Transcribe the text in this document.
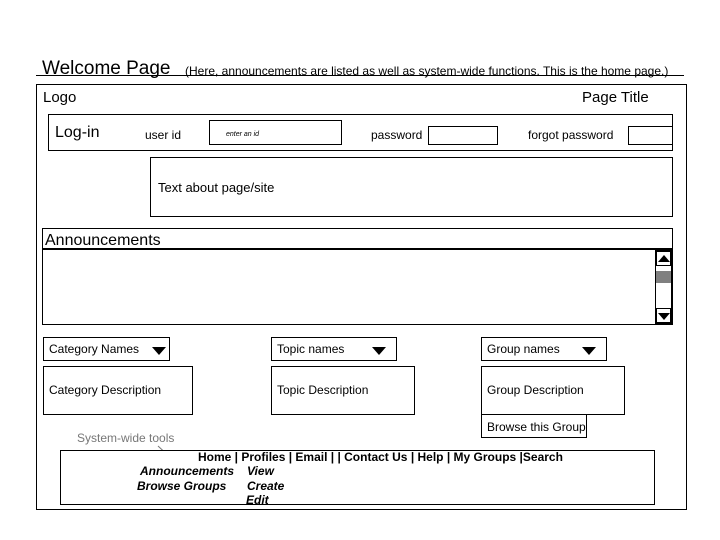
Welcome Page (Here, announcements are listed as well as system-wide functions. This is the home page.)
Logo	Page Title
Log-in	user id	enter an id	password	forgot password
Text about page/site
Announcements
Category Names	Topic names	Group names
Category Description	Topic Description	Group Description
Browse this Group
System-wide tools
Home | Profiles | Email | | Contact Us | Help | My Groups |Search
Announcements View
Browse Groups Create
Edit
